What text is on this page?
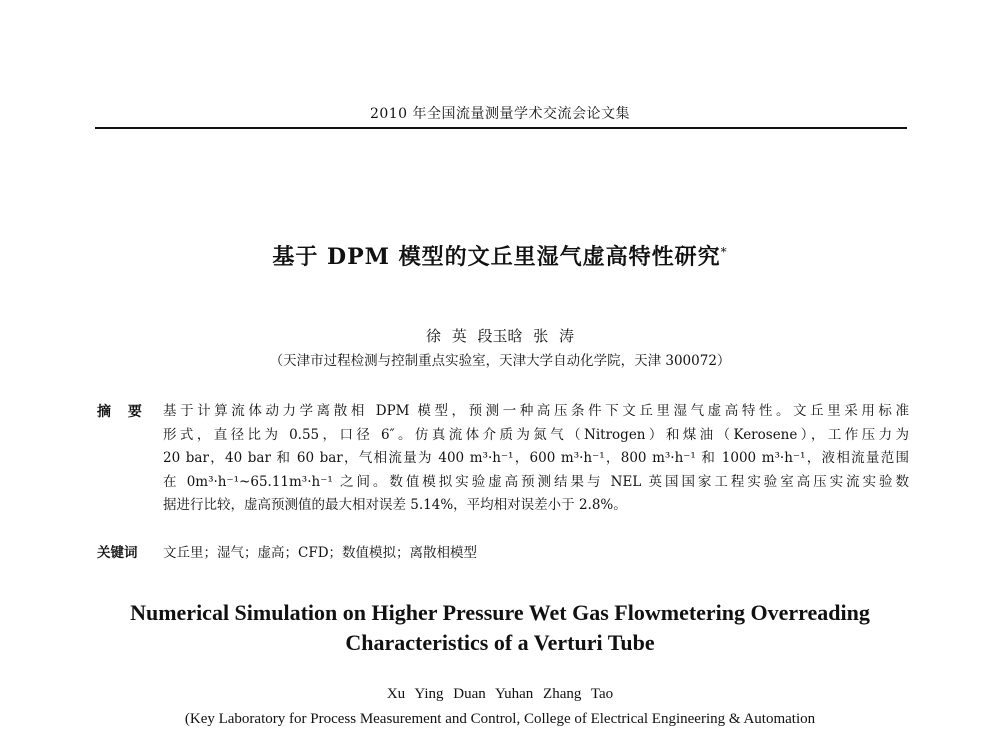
2010 年全国流量测量学术交流会论文集
基于 DPM 模型的文丘里湿气虚高特性研究*
徐 英 段玉晗 张 涛
（天津市过程检测与控制重点实验室，天津大学自动化学院，天津 300072）
摘 要 基于计算流体动力学离散相 DPM 模型，预测一种高压条件下文丘里湿气虚高特性。文丘里采用标准
形式，直径比为 0.55，口径 6″。仿真流体介质为氮气（Nitrogen）和煤油（Kerosene），工作压力为
20 bar，40 bar 和 60 bar，气相流量为 400 m³·h⁻¹，600 m³·h⁻¹，800 m³·h⁻¹ 和 1000 m³·h⁻¹，液相流量范围
在 0m³·h⁻¹~65.11m³·h⁻¹ 之间。数值模拟实验虚高预测结果与 NEL 英国国家工程实验室高压实流实验数
据进行比较，虚高预测值的最大相对误差 5.14%，平均相对误差小于 2.8%。
关键词 文丘里；湿气；虚高；CFD；数值模拟；离散相模型
Numerical Simulation on Higher Pressure Wet Gas Flowmetering Overreading
Characteristics of a Verturi Tube
Xu Ying Duan Yuhan Zhang Tao
(Key Laboratory for Process Measurement and Control, College of Electrical Engineering & Automation
